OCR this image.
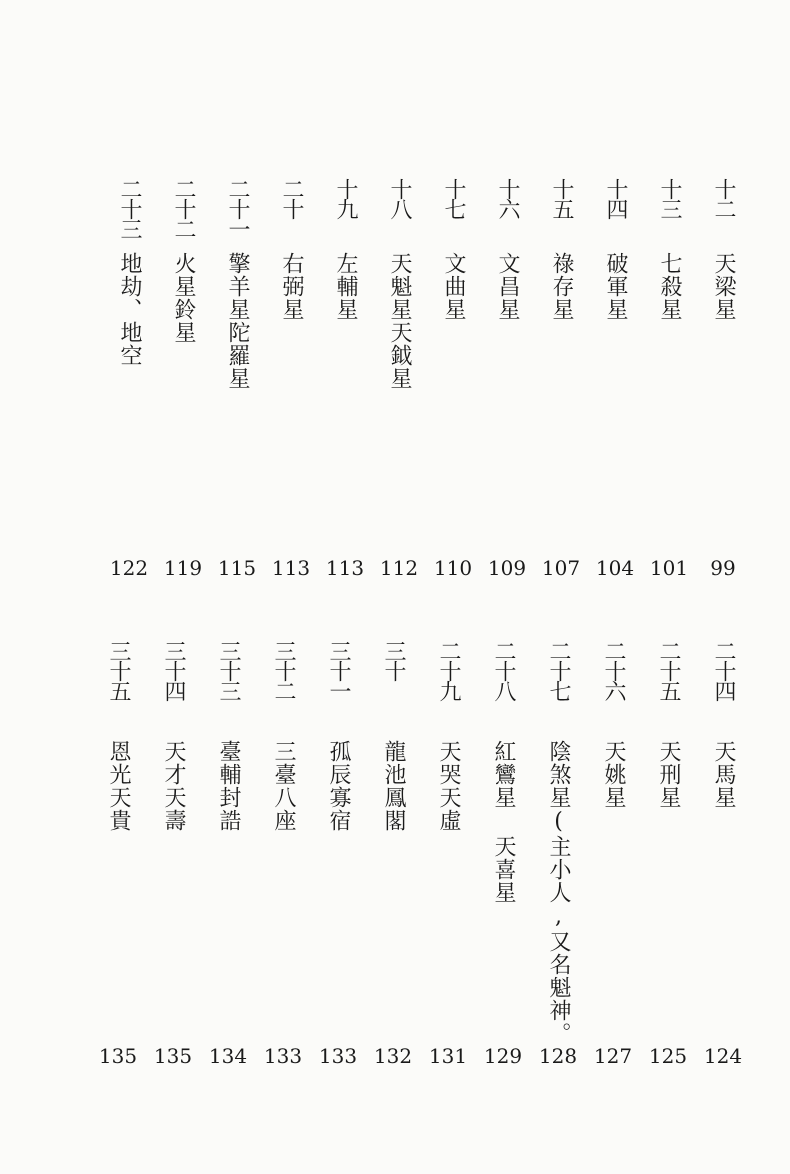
十二
天梁星
99
十三
七殺星
101
十四
破軍星
104
十五
祿存星
107
十六
文昌星
109
十七
文曲星
110
十八
天魁星天鉞星
112
十九
左輔星
113
二十
右弼星
113
二十一
擎羊星陀羅星
115
二十二
火星鈴星
119
二十三
地劫、地空
122
二十四
天馬星
124
二十五
天刑星
125
二十六
天姚星
127
二十七
陰煞星(主小人,又名魁神。
128
二十八
紅鸞星 天喜星
129
二十九
天哭天虛
131
三十
龍池鳳閣
132
三十一
孤辰寡宿
133
三十二
三臺八座
133
三十三
臺輔封誥
134
三十四
天才天壽
135
三十五
恩光天貴
135
